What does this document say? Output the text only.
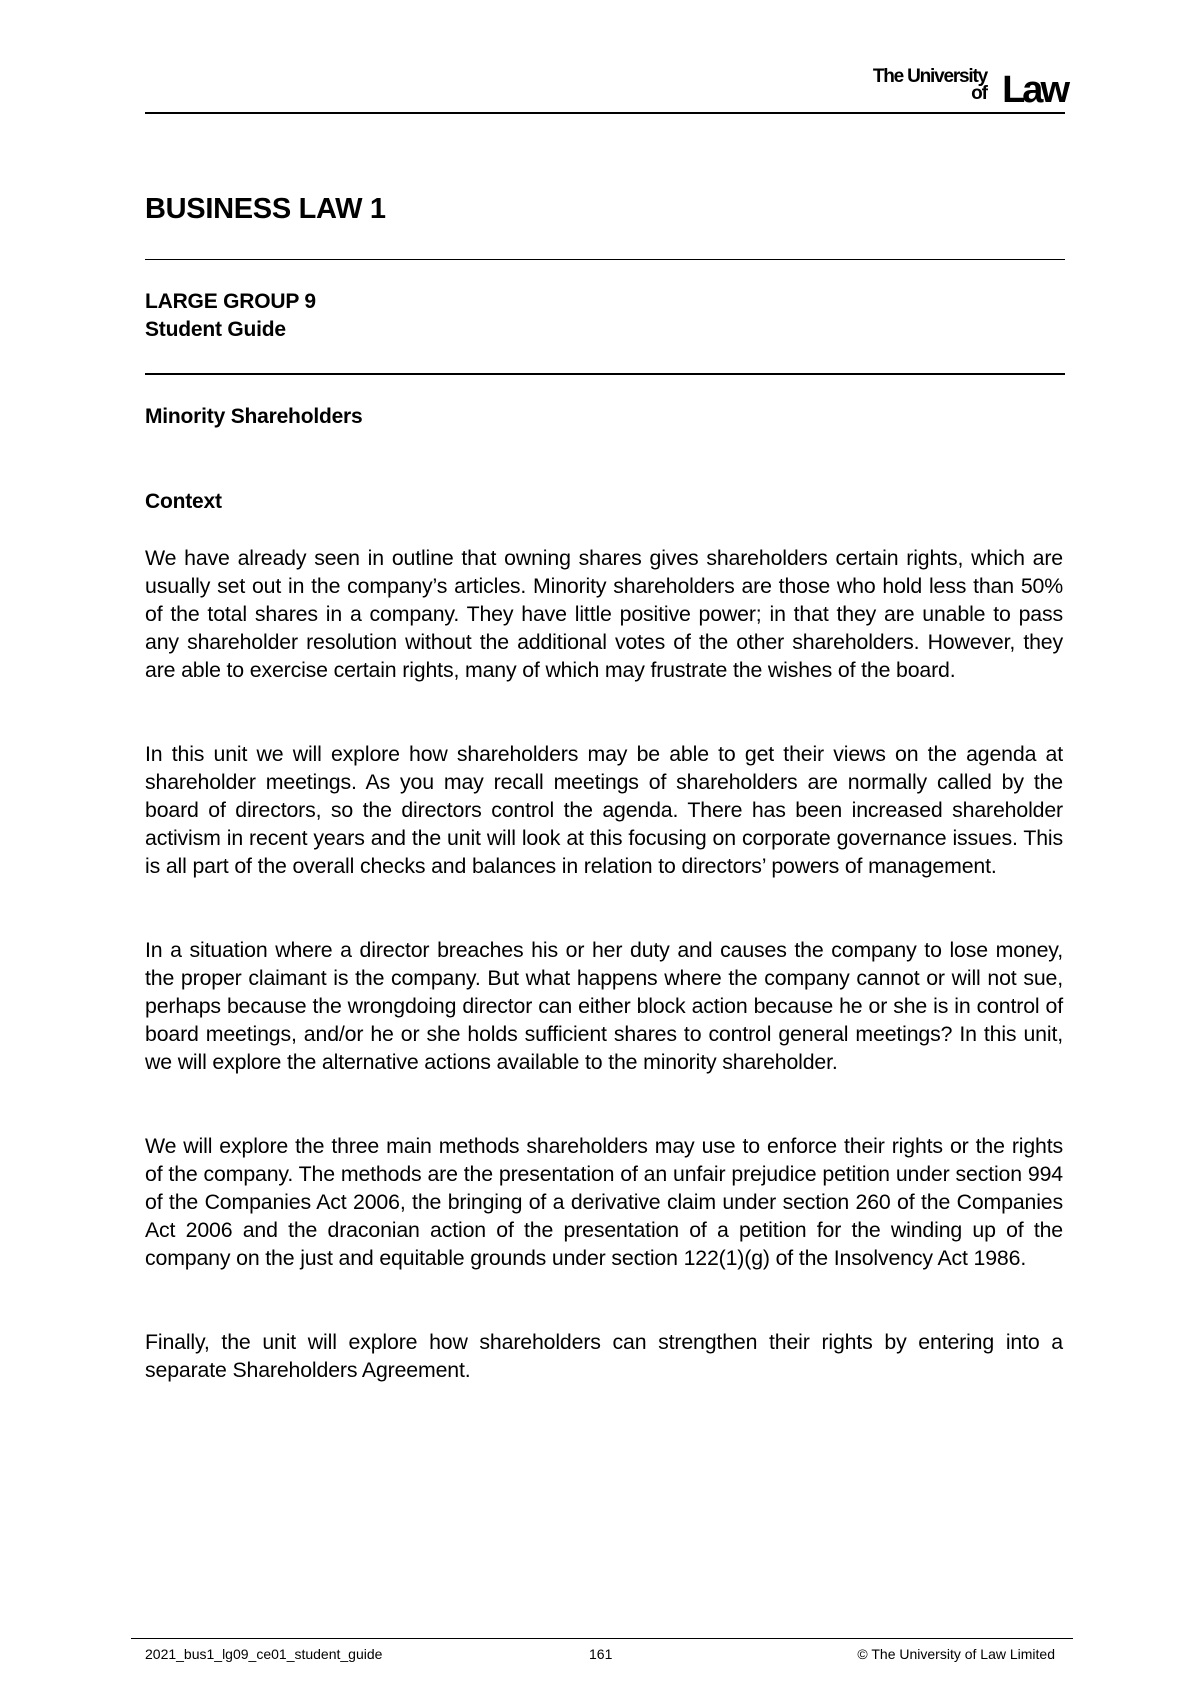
The University
of Law
BUSINESS LAW 1

LARGE GROUP 9

Student Guide

Minority Shareholders

Context

We have already seen in outline that owning shares gives shareholders certain rights, which are usually set out in the company’s articles. Minority shareholders are those who hold less than 50% of the total shares in a company. They have little positive power; in that they are unable to pass any shareholder resolution without the additional votes of the other shareholders. However, they are able to exercise certain rights, many of which may frustrate the wishes of the board.

In this unit we will explore how shareholders may be able to get their views on the agenda at shareholder meetings. As you may recall meetings of shareholders are normally called by the board of directors, so the directors control the agenda. There has been increased shareholder activism in recent years and the unit will look at this focusing on corporate governance issues. This is all part of the overall checks and balances in relation to directors’ powers of management.

In a situation where a director breaches his or her duty and causes the company to lose money, the proper claimant is the company. But what happens where the company cannot or will not sue, perhaps because the wrongdoing director can either block action because he or she is in control of board meetings, and/or he or she holds sufficient shares to control general meetings? In this unit, we will explore the alternative actions available to the minority shareholder.

We will explore the three main methods shareholders may use to enforce their rights or the rights of the company. The methods are the presentation of an unfair prejudice petition under section 994 of the Companies Act 2006, the bringing of a derivative claim under section 260 of the Companies Act 2006 and the draconian action of the presentation of a petition for the winding up of the company on the just and equitable grounds under section 122(1)(g) of the Insolvency Act 1986.

Finally, the unit will explore how shareholders can strengthen their rights by entering into a separate Shareholders Agreement.

2021_bus1_lg09_ce01_student_guide	161	© The University of Law Limited
